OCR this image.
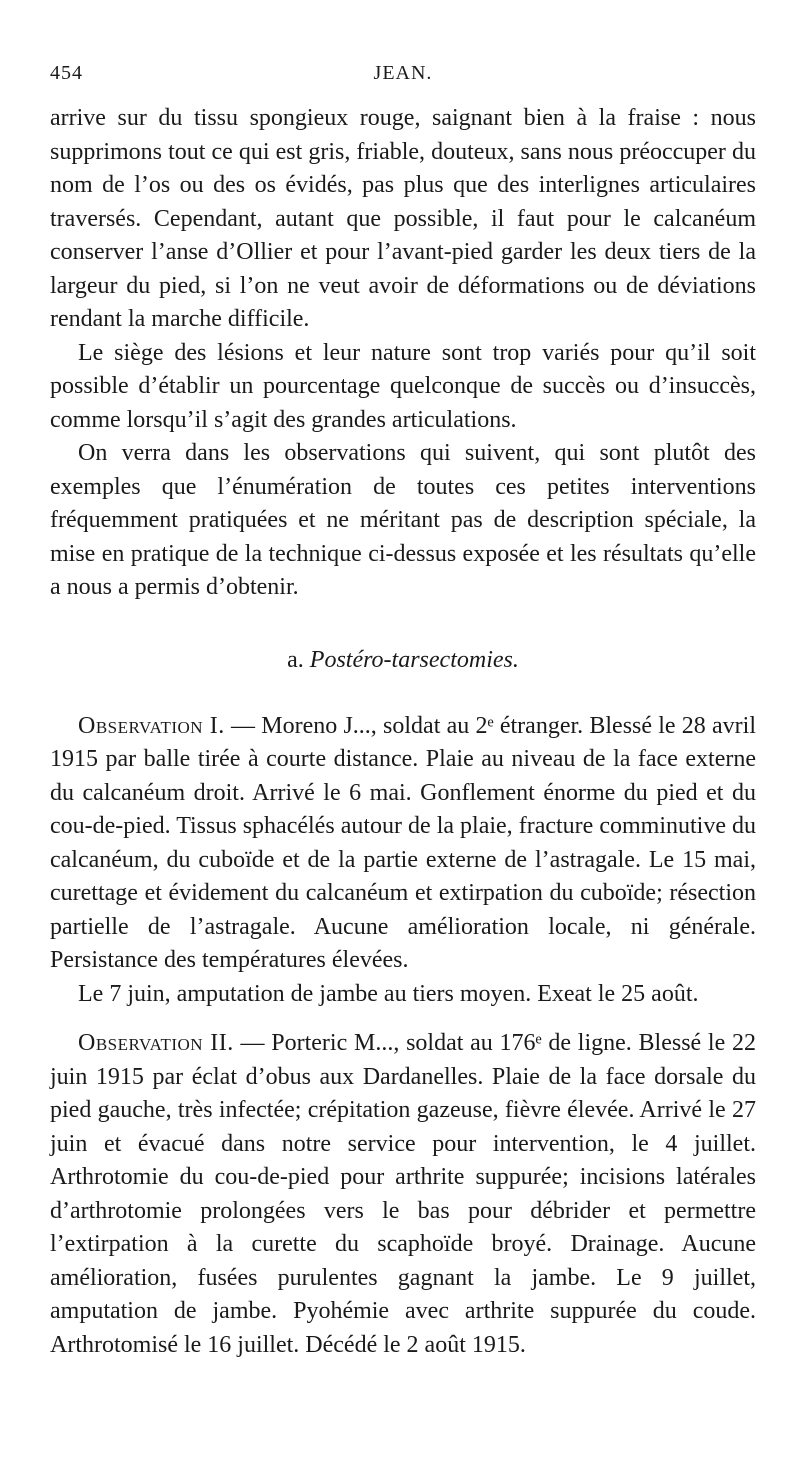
454	JEAN.

arrive sur du tissu spongieux rouge, saignant bien à la fraise : nous supprimons tout ce qui est gris, friable, douteux, sans nous préoccuper du nom de l’os ou des os évidés, pas plus que des interlignes articulaires traversés. Cependant, autant que possible, il faut pour le calcanéum conserver l’anse d’Ollier et pour l’avant-pied garder les deux tiers de la largeur du pied, si l’on ne veut avoir de déformations ou de déviations rendant la marche difficile.

Le siège des lésions et leur nature sont trop variés pour qu’il soit possible d’établir un pourcentage quelconque de succès ou d’insuccès, comme lorsqu’il s’agit des grandes articulations.

On verra dans les observations qui suivent, qui sont plutôt des exemples que l’énumération de toutes ces petites interventions fréquemment pratiquées et ne méritant pas de description spéciale, la mise en pratique de la technique ci-dessus exposée et les résultats qu’elle a nous a permis d’obtenir.

a. Postéro-tarsectomies.

Observation I. — Moreno J..., soldat au 2ᵉ étranger. Blessé le 28 avril 1915 par balle tirée à courte distance. Plaie au niveau de la face externe du calcanéum droit. Arrivé le 6 mai. Gonflement énorme du pied et du cou-de-pied. Tissus sphacélés autour de la plaie, fracture comminutive du calcanéum, du cuboïde et de la partie externe de l’astragale. Le 15 mai, curettage et évidement du calcanéum et extirpation du cuboïde; résection partielle de l’astragale. Aucune amélioration locale, ni générale. Persistance des températures élevées.

Le 7 juin, amputation de jambe au tiers moyen. Exeat le 25 août.

Observation II. — Porteric M..., soldat au 176ᵉ de ligne. Blessé le 22 juin 1915 par éclat d’obus aux Dardanelles. Plaie de la face dorsale du pied gauche, très infectée; crépitation gazeuse, fièvre élevée. Arrivé le 27 juin et évacué dans notre service pour intervention, le 4 juillet. Arthrotomie du cou-de-pied pour arthrite suppurée; incisions latérales d’arthrotomie prolongées vers le bas pour débrider et permettre l’extirpation à la curette du scaphoïde broyé. Drainage. Aucune amélioration, fusées purulentes gagnant la jambe. Le 9 juillet, amputation de jambe. Pyohémie avec arthrite suppurée du coude. Arthrotomisé le 16 juillet. Décédé le 2 août 1915.
